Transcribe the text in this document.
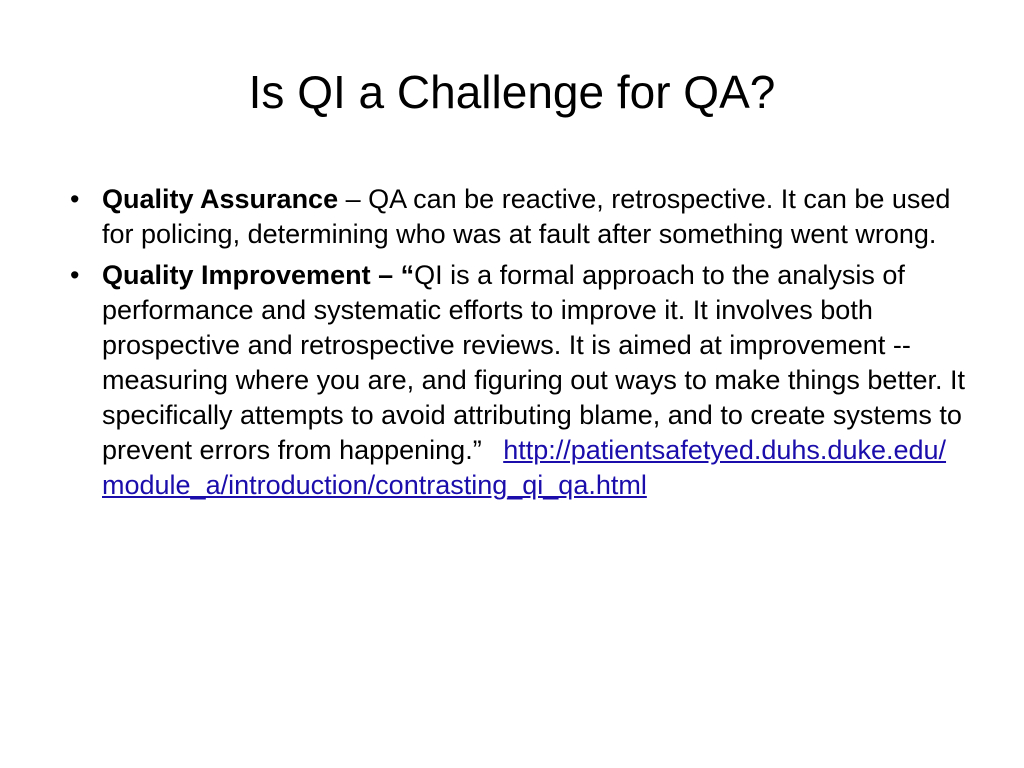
Is QI a Challenge for QA?
• Quality Assurance – QA can be reactive, retrospective. It can be used for policing, determining who was at fault after something went wrong.
• Quality Improvement – “QI is a formal approach to the analysis of performance and systematic efforts to improve it. It involves both prospective and retrospective reviews. It is aimed at improvement -- measuring where you are, and figuring out ways to make things better. It specifically attempts to avoid attributing blame, and to create systems to prevent errors from happening.” http://patientsafetyed.duhs.duke.edu/module_a/introduction/contrasting_qi_qa.html
